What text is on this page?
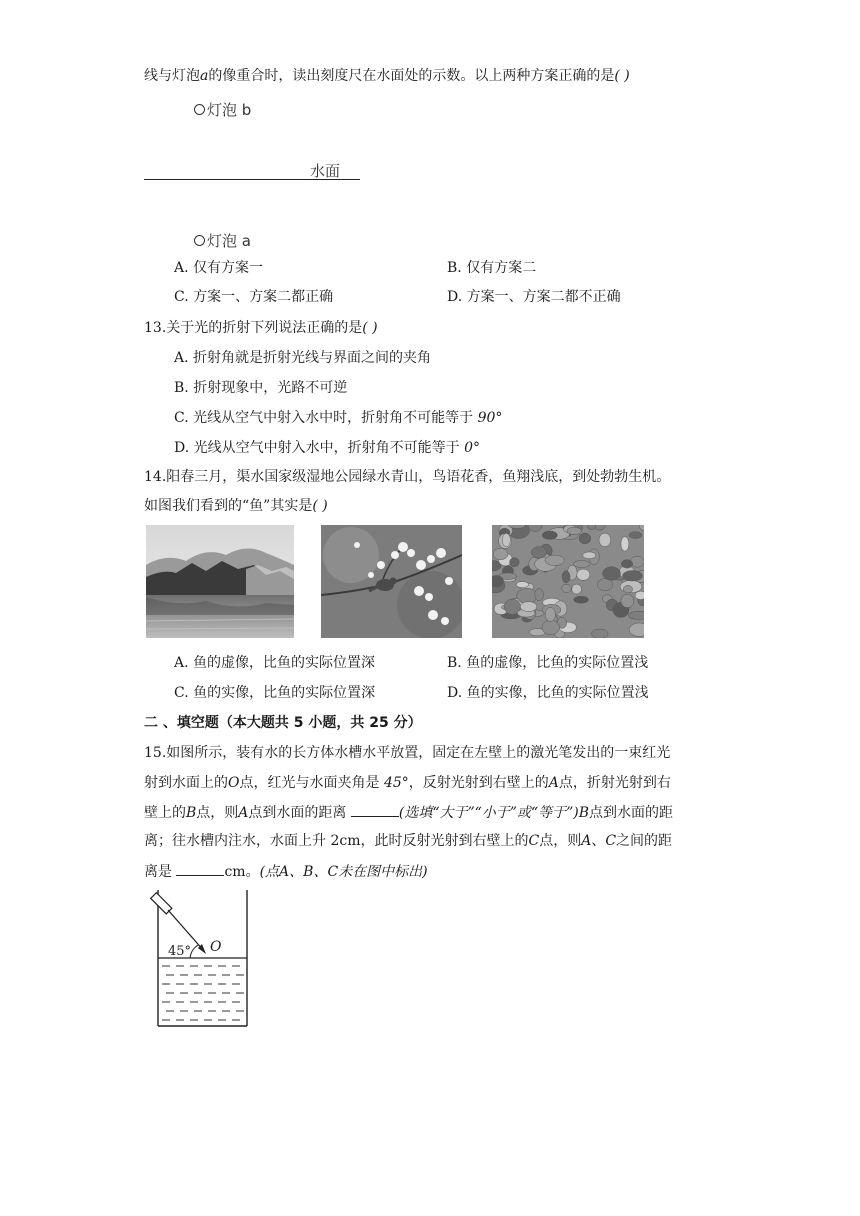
线与灯泡a的像重合时，读出刻度尺在水面处的示数。以上两种方案正确的是( )
灯泡 b
水面
灯泡 a
A. 仅有方案一	B. 仅有方案二
C. 方案一、方案二都正确	D. 方案一、方案二都不正确
13.关于光的折射下列说法正确的是( )
A. 折射角就是折射光线与界面之间的夹角
B. 折射现象中，光路不可逆
C. 光线从空气中射入水中时，折射角不可能等于 90°
D. 光线从空气中射入水中，折射角不可能等于 0°
14.阳春三月，渠水国家级湿地公园绿水青山，鸟语花香，鱼翔浅底，到处勃勃生机。
如图我们看到的“鱼”其实是( )
A. 鱼的虚像，比鱼的实际位置深	B. 鱼的虚像，比鱼的实际位置浅
C. 鱼的实像，比鱼的实际位置深	D. 鱼的实像，比鱼的实际位置浅
二 、填空题（本大题共 5 小题，共 25 分）
15.如图所示，装有水的长方体水槽水平放置，固定在左壁上的激光笔发出的一束红光
射到水面上的O点，红光与水面夹角是 45°，反射光射到右壁上的A点，折射光射到右
壁上的B点，则A点到水面的距离	(选填“大于”“小于”或“等于”)B点到水面的距
离；往水槽内注水，水面上升 2cm，此时反射光射到右壁上的C点，则A、C之间的距
离是	cm。(点A、B、C未在图中标出)
45° O
